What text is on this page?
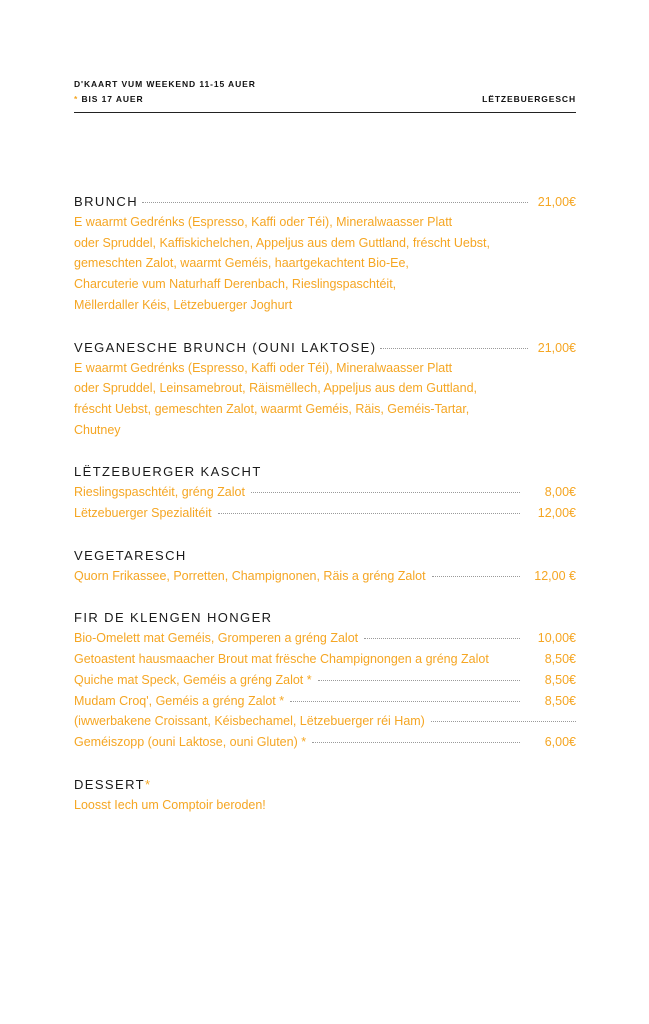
D'KAART VUM WEEKEND 11-15 AUER
* BIS 17 AUER	LËTZEBUERGESCH
BRUNCH	21,00€
E waarmt Gedrénks (Espresso, Kaffi oder Téi), Mineralwaasser Platt
oder Spruddel, Kaffiskichelchen, Appeljus aus dem Guttland, fréscht Uebst,
gemeschten Zalot, waarmt Geméis, haartgekachtent Bio-Ee,
Charcuterie vum Naturhaff Derenbach, Rieslingspaschtéit,
Mëllerdaller Kéis, Lëtzebuerger Joghurt
VEGANESCHE BRUNCH (OUNI LAKTOSE)	21,00€
E waarmt Gedrénks (Espresso, Kaffi oder Téi), Mineralwaasser Platt
oder Spruddel, Leinsamebrout, Räismëllech, Appeljus aus dem Guttland,
fréscht Uebst, gemeschten Zalot, waarmt Geméis, Räis, Geméis-Tartar,
Chutney
LËTZEBUERGER KASCHT
Rieslingspaschtéit, gréng Zalot	8,00€
Lëtzebuerger Spezialitéit	12,00€
VEGETARESCH
Quorn Frikassee, Porretten, Champignonen, Räis a gréng Zalot	12,00 €
FIR DE KLENGEN HONGER
Bio-Omelett mat Geméis, Gromperen a gréng Zalot	10,00€
Getoastent hausmaacher Brout mat frësche Champignongen a gréng Zalot	8,50€
Quiche mat Speck, Geméis a gréng Zalot *	8,50€
Mudam Croq', Geméis a gréng Zalot *	8,50€
(iwwerbakene Croissant, Kéisbechamel, Lëtzebuerger réi Ham)
Geméiszopp (ouni Laktose, ouni Gluten) *	6,00€
DESSERT *
Loosst Iech um Comptoir beroden!
